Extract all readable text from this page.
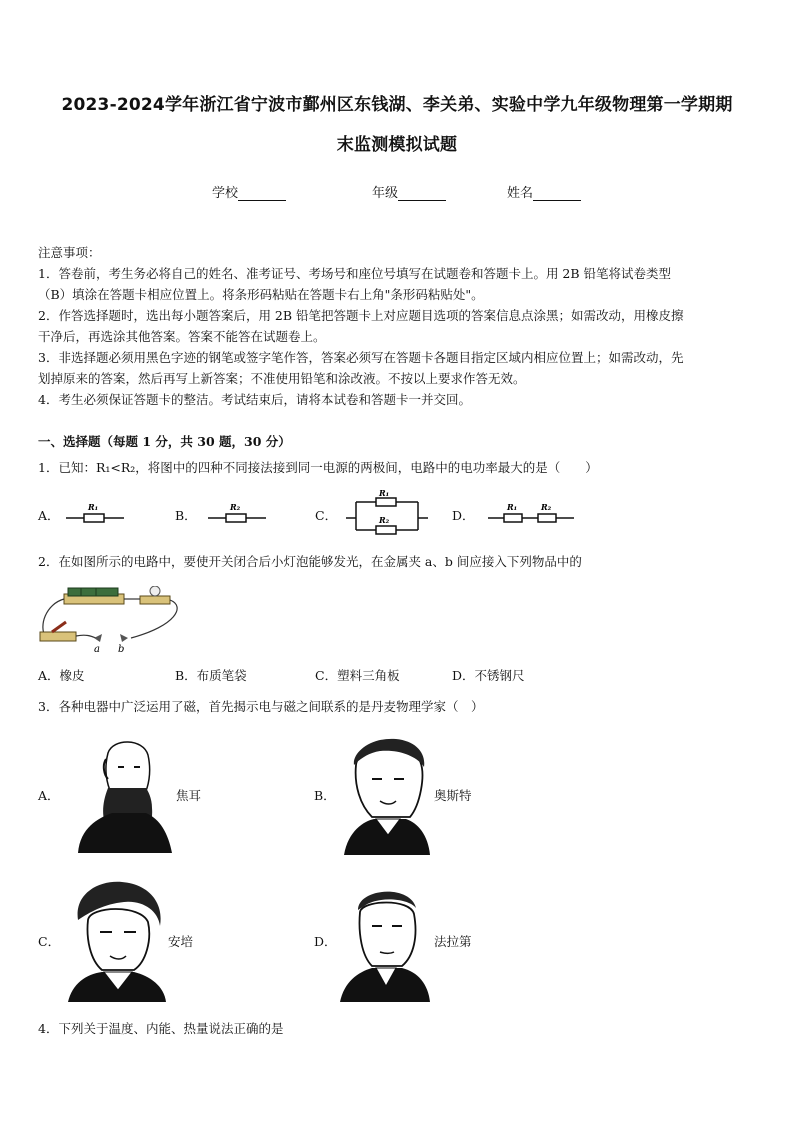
2023-2024学年浙江省宁波市鄞州区东钱湖、李关弟、实验中学九年级物理第一学期期
末监测模拟试题
学校	年级	姓名

注意事项：

1．答卷前，考生务必将自己的姓名、准考证号、考场号和座位号填写在试题卷和答题卡上。用 2B 铅笔将试卷类型

（B）填涂在答题卡相应位置上。将条形码粘贴在答题卡右上角"条形码粘贴处"。

2．作答选择题时，选出每小题答案后，用 2B 铅笔把答题卡上对应题目选项的答案信息点涂黑；如需改动，用橡皮擦

干净后，再选涂其他答案。答案不能答在试题卷上。

3．非选择题必须用黑色字迹的钢笔或签字笔作答，答案必须写在答题卡各题目指定区域内相应位置上；如需改动，先

划掉原来的答案，然后再写上新答案；不准使用铅笔和涂改液。不按以上要求作答无效。

4．考生必须保证答题卡的整洁。考试结束后，请将本试卷和答题卡一并交回。

一、选择题（每题 1 分，共 30 题，30 分）
1．已知：R₁<R₂，将图中的四种不同接法接到同一电源的两极间，电路中的电功率最大的是（　　）
A．
R₁
B．
R₂
C．
R₁
R₂	D．
R₁	R₂
2．在如图所示的电路中，要使开关闭合后小灯泡能够发光，在金属夹 a、b 间应接入下列物品中的
a b
A．橡皮	B．布质笔袋	C．塑料三角板	D．不锈钢尺
3．各种电器中广泛运用了磁，首先揭示电与磁之间联系的是丹麦物理学家（　）
A．	焦耳	B．	奥斯特
C．	安培	D．	法拉第
4．下列关于温度、内能、热量说法正确的是
